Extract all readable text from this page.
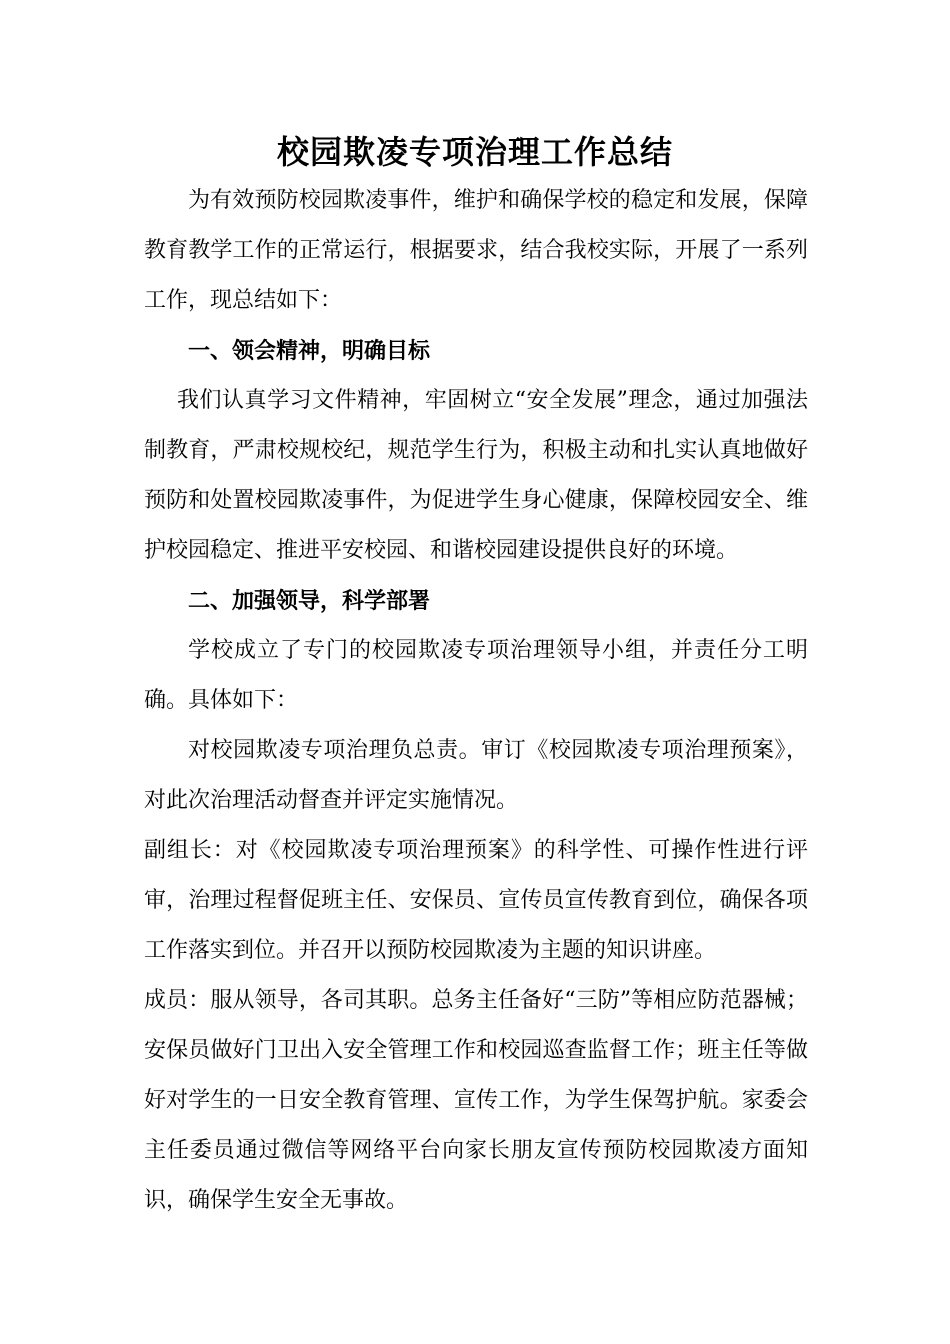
校园欺凌专项治理工作总结

为有效预防校园欺凌事件，维护和确保学校的稳定和发展，保障教育教学工作的正常运行，根据要求，结合我校实际，开展了一系列工作，现总结如下：

一、领会精神，明确目标

我们认真学习文件精神，牢固树立“安全发展”理念，通过加强法制教育，严肃校规校纪，规范学生行为，积极主动和扎实认真地做好预防和处置校园欺凌事件，为促进学生身心健康，保障校园安全、维护校园稳定、推进平安校园、和谐校园建设提供良好的环境。

二、加强领导，科学部署

学校成立了专门的校园欺凌专项治理领导小组，并责任分工明确。具体如下：

对校园欺凌专项治理负总责。审订《校园欺凌专项治理预案》，对此次治理活动督查并评定实施情况。

副组长：对《校园欺凌专项治理预案》的科学性、可操作性进行评审，治理过程督促班主任、安保员、宣传员宣传教育到位，确保各项工作落实到位。并召开以预防校园欺凌为主题的知识讲座。

成员：服从领导，各司其职。总务主任备好“三防”等相应防范器械；安保员做好门卫出入安全管理工作和校园巡查监督工作；班主任等做好对学生的一日安全教育管理、宣传工作，为学生保驾护航。家委会主任委员通过微信等网络平台向家长朋友宣传预防校园欺凌方面知识，确保学生安全无事故。
